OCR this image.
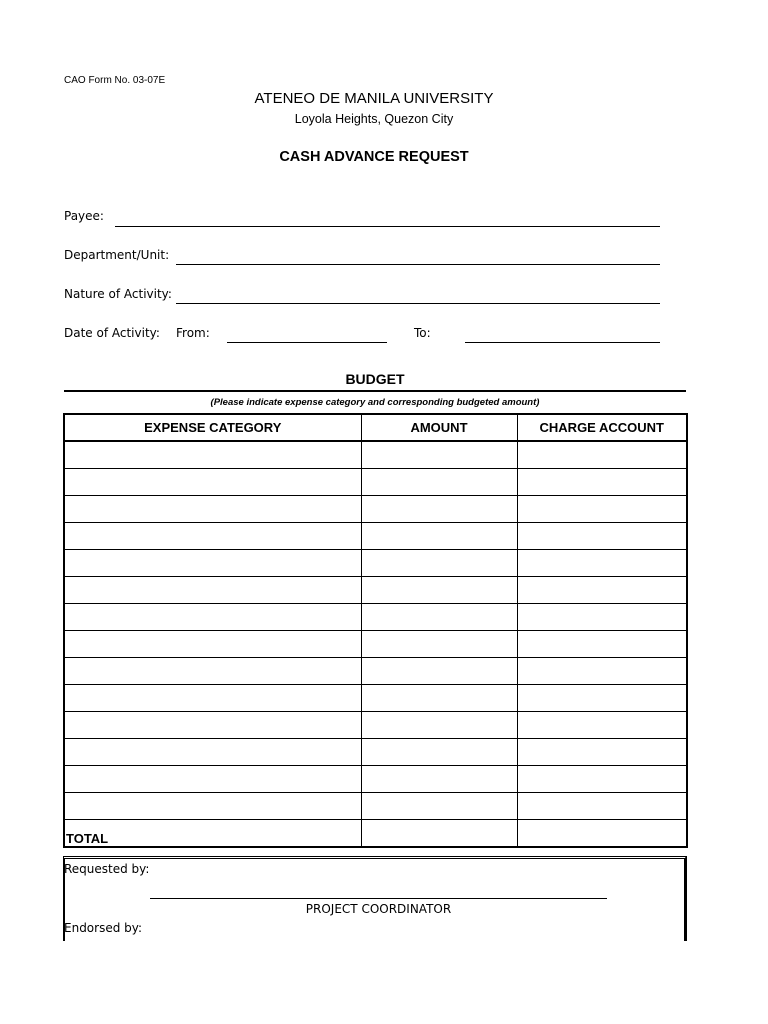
CAO Form No. 03-07E
ATENEO DE MANILA UNIVERSITY
Loyola Heights, Quezon City
CASH ADVANCE REQUEST
Payee:
Department/Unit:
Nature of Activity:
Date of Activity: From:	To:
BUDGET
(Please indicate expense category and corresponding budgeted amount)
EXPENSE CATEGORY	AMOUNT	CHARGE ACCOUNT

TOTAL		
Requested by:
PROJECT COORDINATOR
Endorsed by:
